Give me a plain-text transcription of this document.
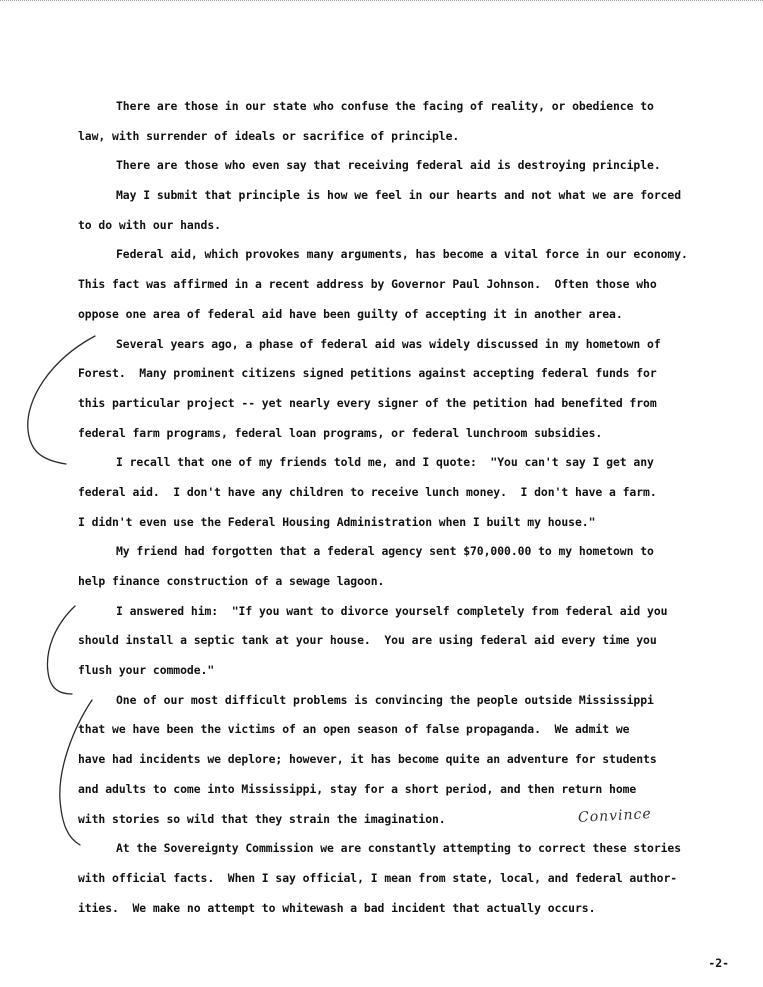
There are those in our state who confuse the facing of reality, or obedience to
law, with surrender of ideals or sacrifice of principle.
There are those who even say that receiving federal aid is destroying principle.
May I submit that principle is how we feel in our hearts and not what we are forced
to do with our hands.
Federal aid, which provokes many arguments, has become a vital force in our economy.
This fact was affirmed in a recent address by Governor Paul Johnson.  Often those who
oppose one area of federal aid have been guilty of accepting it in another area.
Several years ago, a phase of federal aid was widely discussed in my hometown of
Forest.  Many prominent citizens signed petitions against accepting federal funds for
this particular project -- yet nearly every signer of the petition had benefited from
federal farm programs, federal loan programs, or federal lunchroom subsidies.
I recall that one of my friends told me, and I quote:  "You can't say I get any
federal aid.  I don't have any children to receive lunch money.  I don't have a farm.
I didn't even use the Federal Housing Administration when I built my house."
My friend had forgotten that a federal agency sent $70,000.00 to my hometown to
help finance construction of a sewage lagoon.
I answered him:  "If you want to divorce yourself completely from federal aid you
should install a septic tank at your house.  You are using federal aid every time you
flush your commode."
One of our most difficult problems is convincing the people outside Mississippi
that we have been the victims of an open season of false propaganda.  We admit we
have had incidents we deplore; however, it has become quite an adventure for students
and adults to come into Mississippi, stay for a short period, and then return home
with stories so wild that they strain the imagination.
At the Sovereignty Commission we are constantly attempting to correct these stories
with official facts.  When I say official, I mean from state, local, and federal author-
ities.  We make no attempt to whitewash a bad incident that actually occurs.
Convince
-2-
